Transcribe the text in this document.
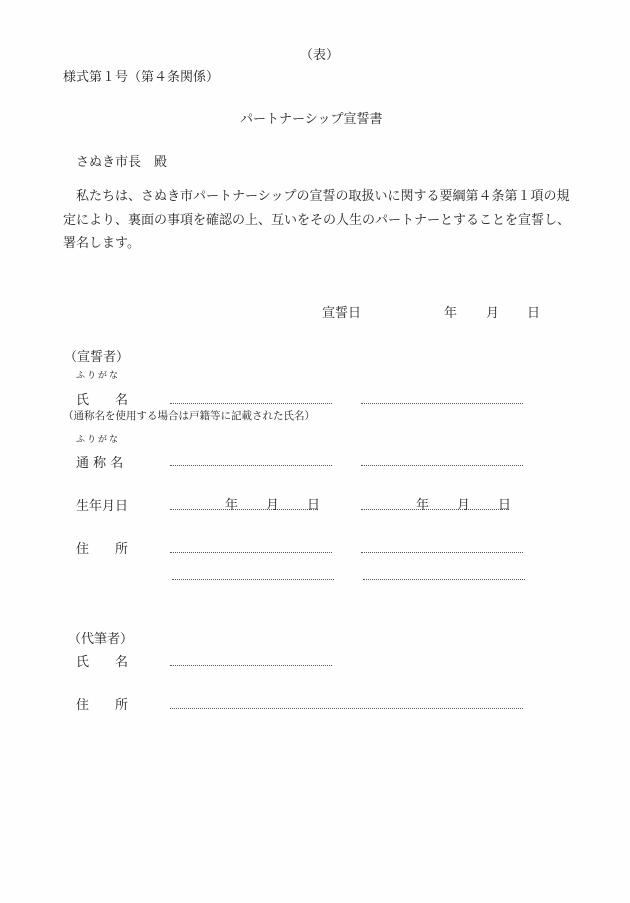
（表）
様式第１号（第４条関係）
パートナーシップ宣誓書
さぬき市長　殿
私たちは、さぬき市パートナーシップの宣誓の取扱いに関する要綱第４条第１項の規定により、裏面の事項を確認の上、互いをその人生のパートナーとすることを宣誓し、署名します。
宣誓日	年 月 日
（宣誓者）
ふりがな
氏　　名
（通称名を使用する場合は戸籍等に記載された氏名）
ふりがな
通 称 名
生年月日	年 月 日	年 月 日
住　　所
（代筆者）
氏　　名
住　　所
